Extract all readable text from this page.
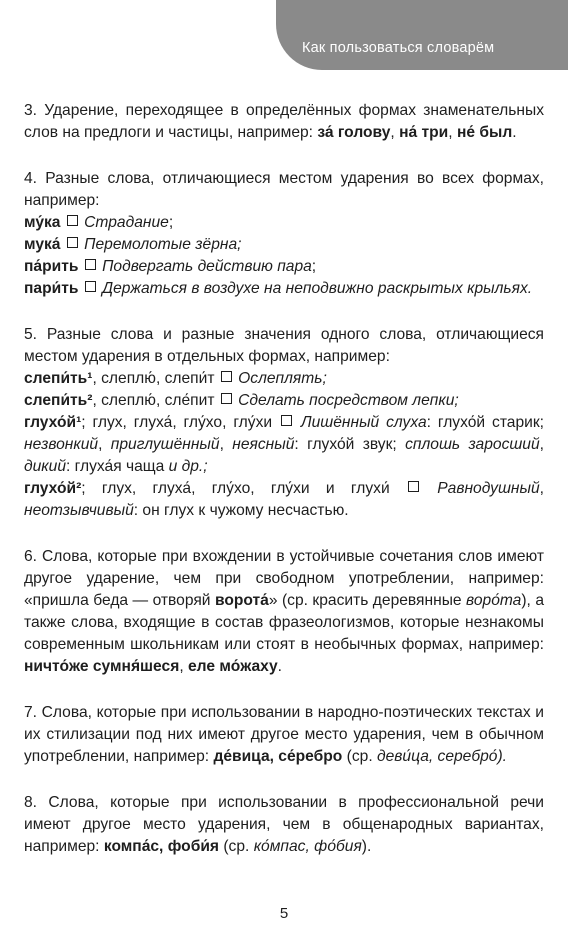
Как пользоваться словарём

3. Ударение, переходящее в определённых формах знаменательных слов на предлоги и частицы, например: за́ голову, на́ три, не́ был.

4. Разные слова, отличающиеся местом ударения во всех формах, например:
му́ка Страдание;
мука́ Перемолотые зёрна;
па́рить Подвергать действию пара;
пари́ть Держаться в воздухе на неподвижно раскрытых крыльях.

5. Разные слова и разные значения одного слова, отличающиеся местом ударения в отдельных формах, например:
слепи́ть¹, слеплю́, слепи́т  Ослеплять;
слепи́ть², слеплю́, сле́пит  Сделать посредством лепки;
глухо́й¹; глух, глуха́, глу́хо, глу́хи  Лишённый слуха: глухо́й старик; незвонкий, приглушённый, неясный: глухо́й звук; сплошь заросший, дикий: глуха́я чаща и др.;
глухо́й²; глух, глуха́, глу́хо, глу́хи и глухи́  Равнодушный, неотзывчивый: он глух к чужому несчастью.

6. Слова, которые при вхождении в устойчивые сочетания слов имеют другое ударение, чем при свободном употреблении, например: «пришла беда — отворяй ворота́» (ср. красить деревянные воро́та), а также слова, входящие в состав фразеологизмов, которые незнакомы современным школьникам или стоят в необычных формах, например: ничто́же сумня́шеся, еле мо́жаху.

7. Слова, которые при использовании в народно-поэтических текстах и их стилизации под них имеют другое место ударения, чем в обычном употреблении, например: де́вица, се́ребро (ср. деви́ца, серебро́).

8. Слова, которые при использовании в профессиональной речи имеют другое место ударения, чем в общенародных вариантах, например: компа́с, фоби́я (ср. ко́мпас, фо́бия).

5
